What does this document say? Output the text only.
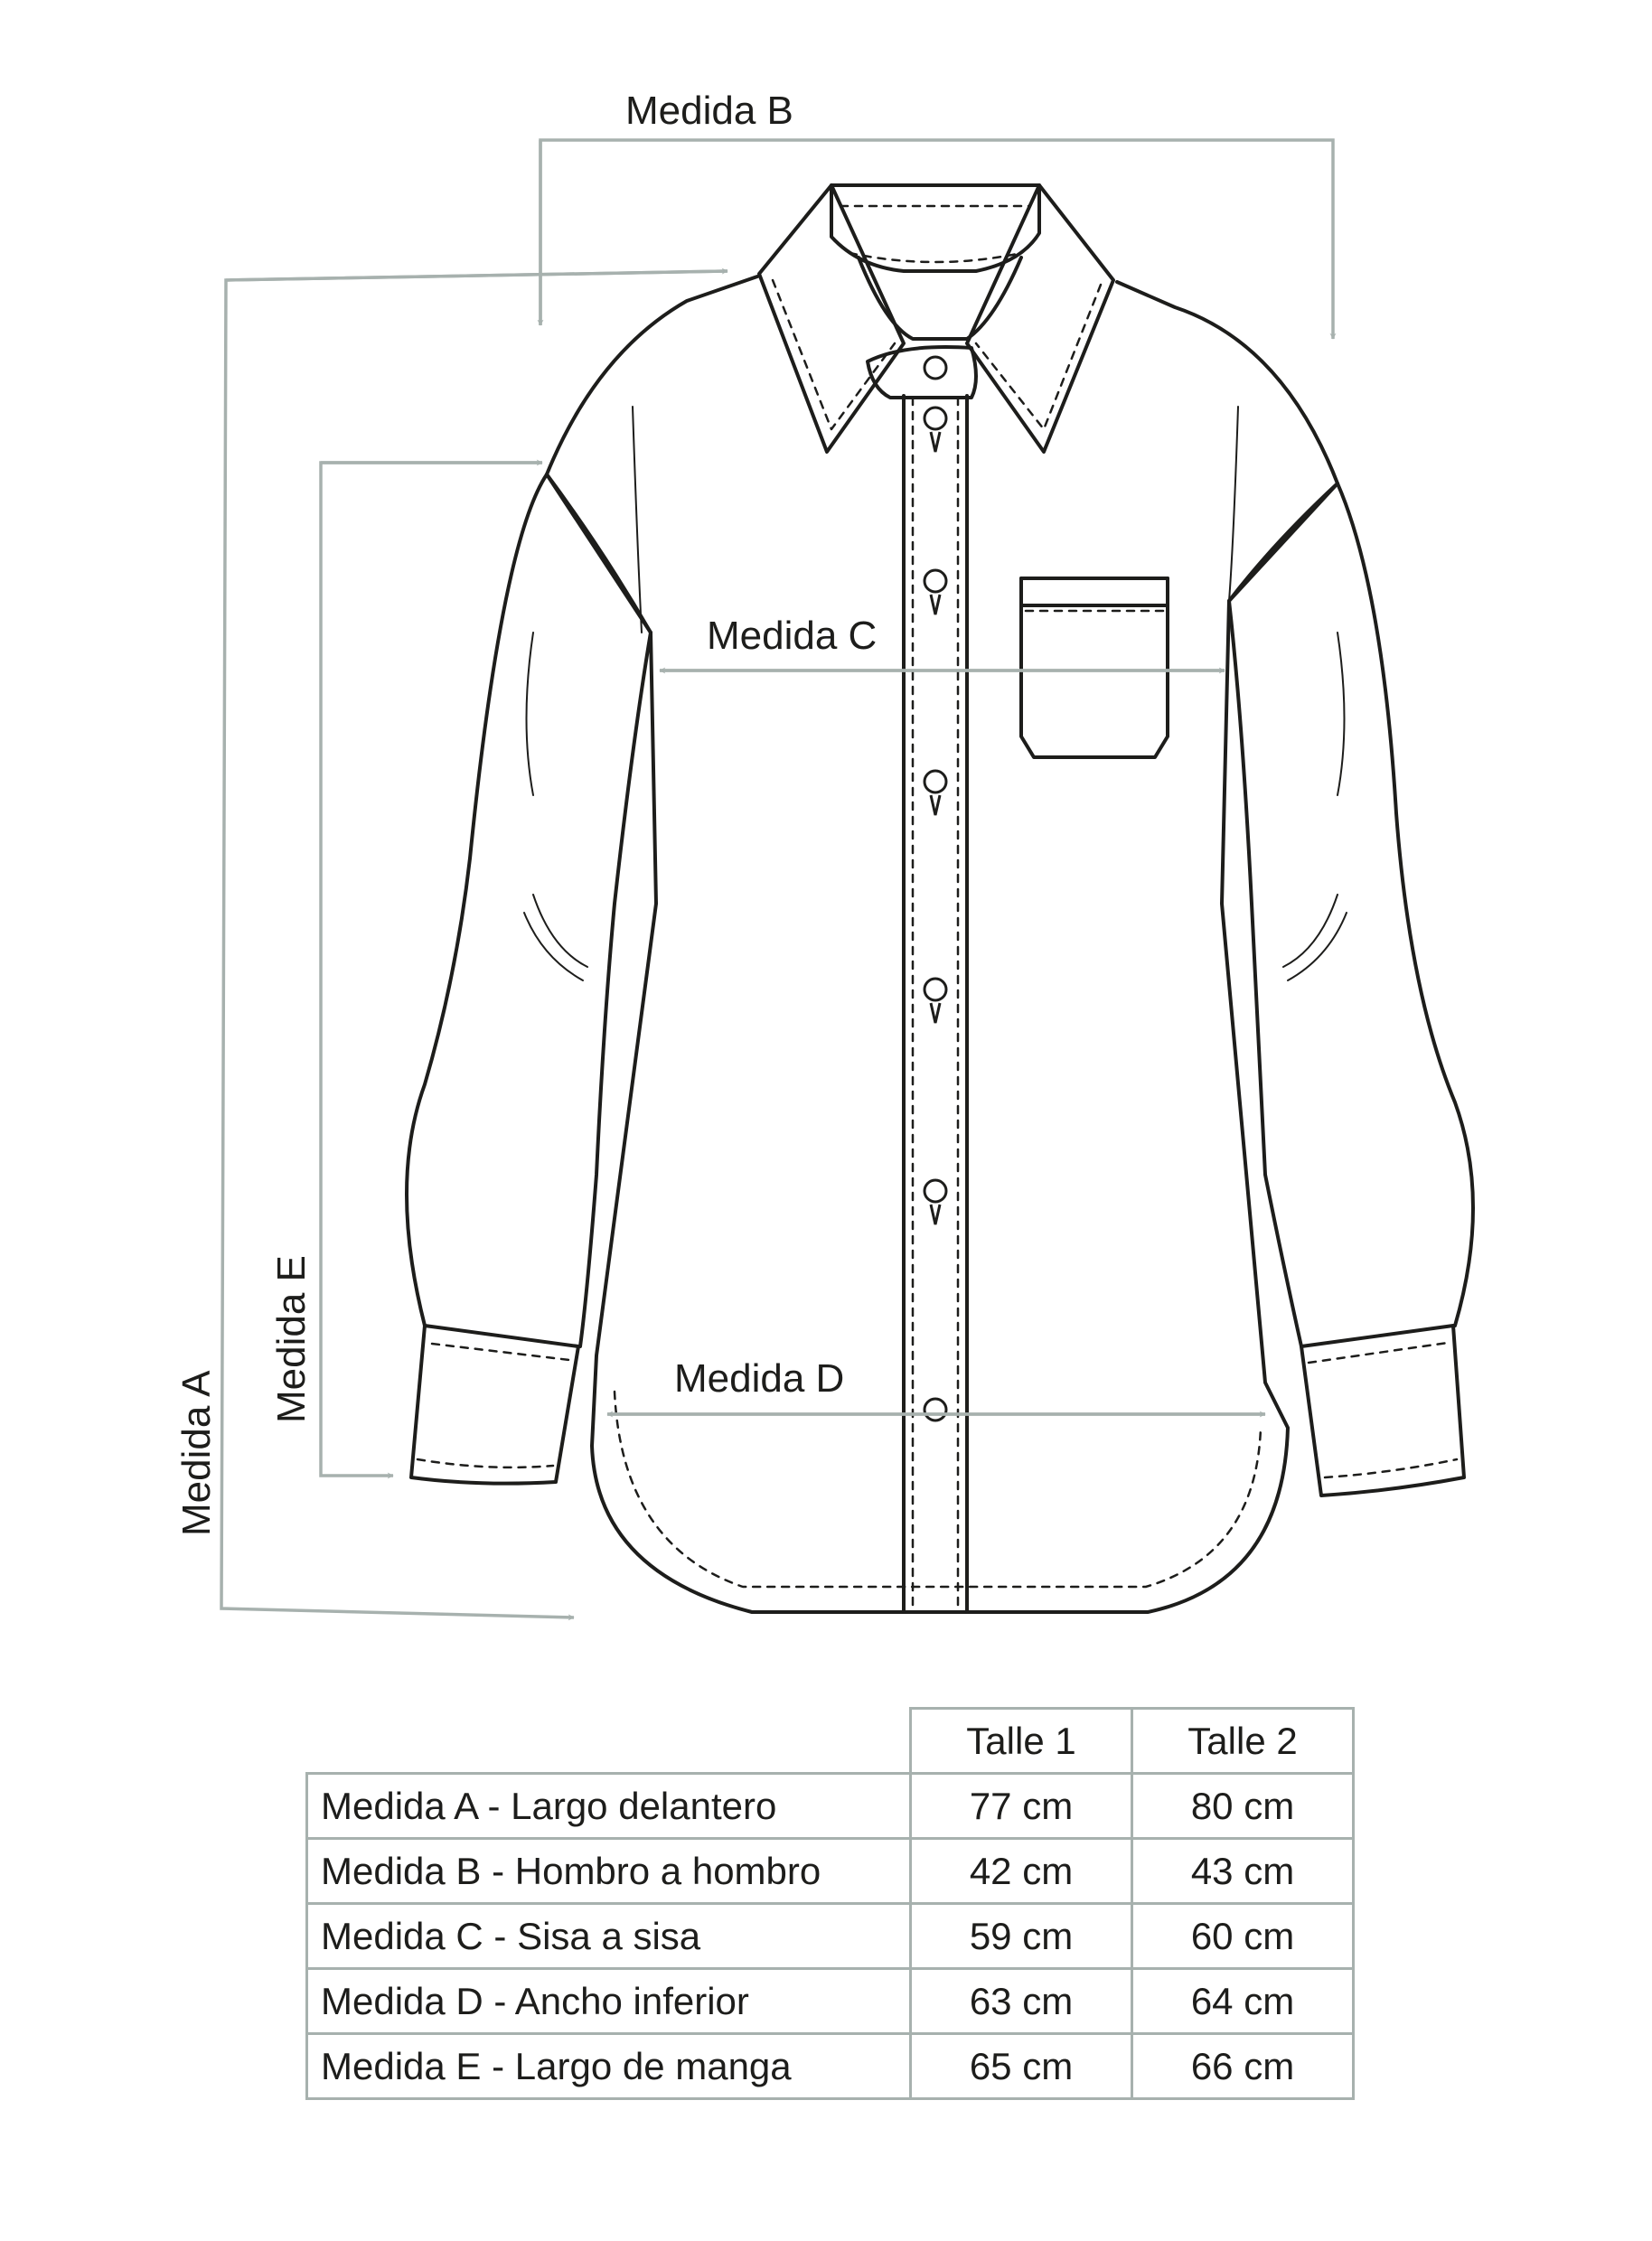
Medida B
Medida C
Medida D
Medida E
Medida A
	Talle 1	Talle 2
Medida A - Largo delantero	77 cm	80 cm
Medida B - Hombro a hombro	42 cm	43 cm
Medida C - Sisa a sisa	59 cm	60 cm
Medida D - Ancho inferior	63 cm	64 cm
Medida E - Largo de manga	65 cm	66 cm
